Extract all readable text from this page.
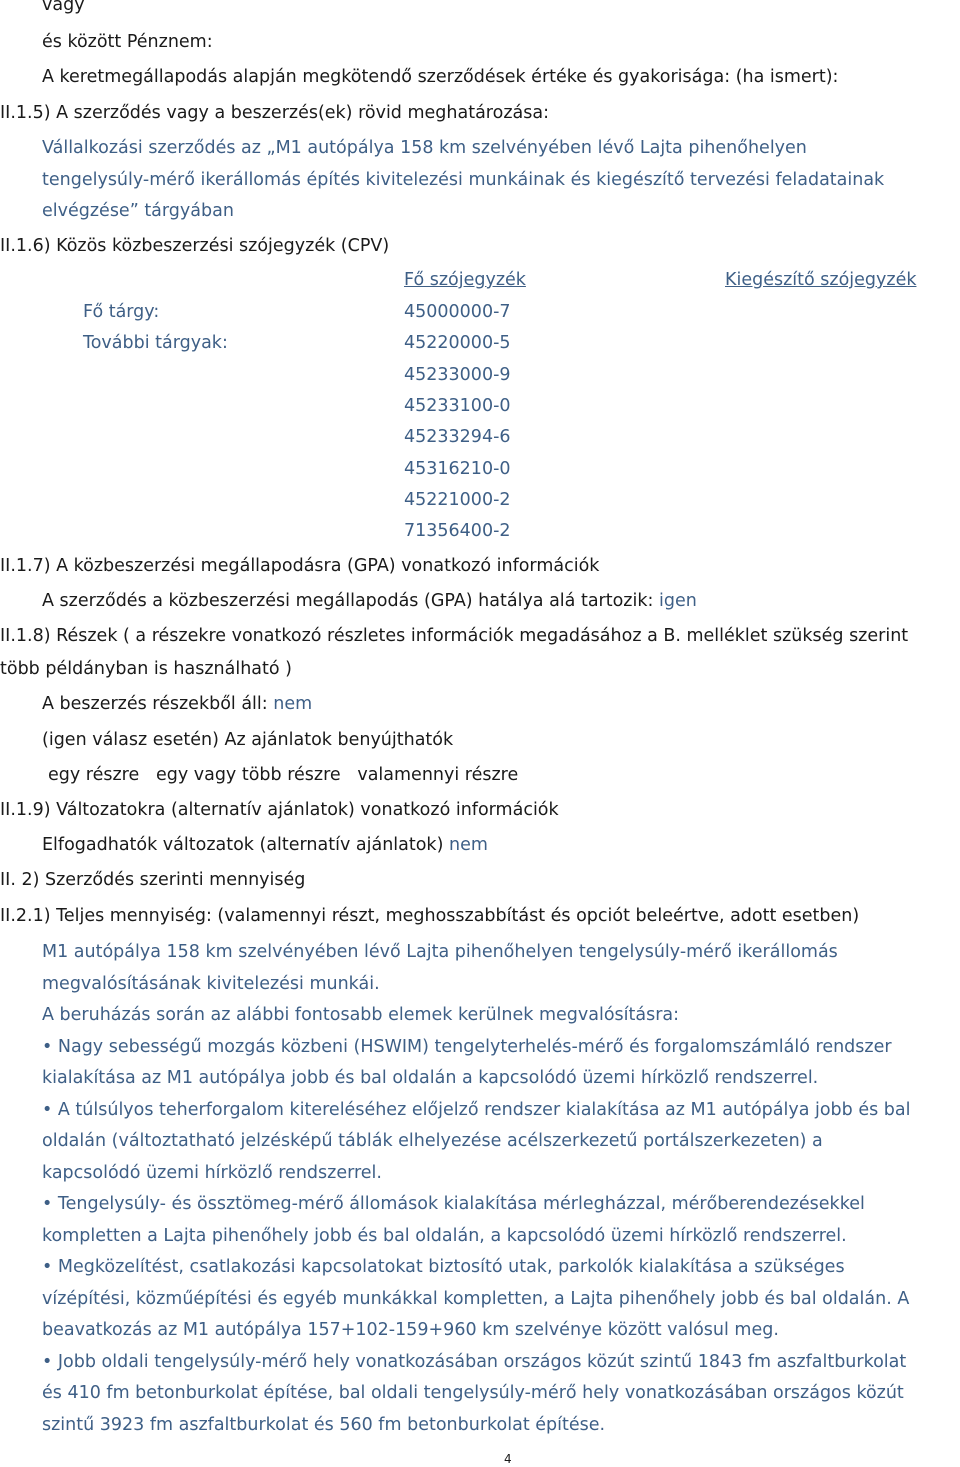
vagy
és között Pénznem:
A keretmegállapodás alapján megkötendő szerződések értéke és gyakorisága: (ha ismert):
II.1.5) A szerződés vagy a beszerzés(ek) rövid meghatározása:
Vállalkozási szerződés az „M1 autópálya 158 km szelvényében lévő Lajta pihenőhelyen
tengelysúly-mérő ikerállomás építés kivitelezési munkáinak és kiegészítő tervezési feladatainak
elvégzése” tárgyában
II.1.6) Közös közbeszerzési szójegyzék (CPV)
Fő szójegyzék	Kiegészítő szójegyzék
Fő tárgy:	45000000-7
További tárgyak:	45220000-5
45233000-9
45233100-0
45233294-6
45316210-0
45221000-2
71356400-2
II.1.7) A közbeszerzési megállapodásra (GPA) vonatkozó információk
A szerződés a közbeszerzési megállapodás (GPA) hatálya alá tartozik: igen
II.1.8) Részek ( a részekre vonatkozó részletes információk megadásához a B. melléklet szükség szerint
több példányban is használható )
A beszerzés részekből áll: nem
(igen válasz esetén) Az ajánlatok benyújthatók
egy részre   egy vagy több részre   valamennyi részre
II.1.9) Változatokra (alternatív ajánlatok) vonatkozó információk
Elfogadhatók változatok (alternatív ajánlatok) nem
II. 2) Szerződés szerinti mennyiség
II.2.1) Teljes mennyiség: (valamennyi részt, meghosszabbítást és opciót beleértve, adott esetben)
M1 autópálya 158 km szelvényében lévő Lajta pihenőhelyen tengelysúly-mérő ikerállomás
megvalósításának kivitelezési munkái.
A beruházás során az alábbi fontosabb elemek kerülnek megvalósításra:
• Nagy sebességű mozgás közbeni (HSWIM) tengelyterhelés-mérő és forgalomszámláló rendszer
kialakítása az M1 autópálya jobb és bal oldalán a kapcsolódó üzemi hírközlő rendszerrel.
• A túlsúlyos teherforgalom kiterelés​éhez előjelző rendszer kialakítása az M1 autópálya jobb és bal
oldalán (változtatható jelzésképű táblák elhelyezése acélszerkezetű portálszerkezeten) a
kapcsolódó üzemi hírközlő rendszerrel.
• Tengelysúly- és össztömeg-mérő állomások kialakítása mérlegházzal, mérőberendezésekkel
kompletten a Lajta pihenőhely jobb és bal oldalán, a kapcsolódó üzemi hírközlő rendszerrel.
• Megközelítést, csatlakozási kapcsolatokat biztosító utak, parkolók kialakítása a szükséges
vízépítési, közműépítési és egyéb munkákkal kompletten, a Lajta pihenőhely jobb és bal oldalán. A
beavatkozás az M1 autópálya 157+102-159+960 km szelvénye között valósul meg.
• Jobb oldali tengelysúly-mérő hely vonatkozásában országos közút szintű 1843 fm aszfaltburkolat
és 410 fm betonburkolat építése, bal oldali tengelysúly-mérő hely vonatkozásában országos közút
szintű 3923 fm aszfaltburkolat és 560 fm betonburkolat építése.
4
